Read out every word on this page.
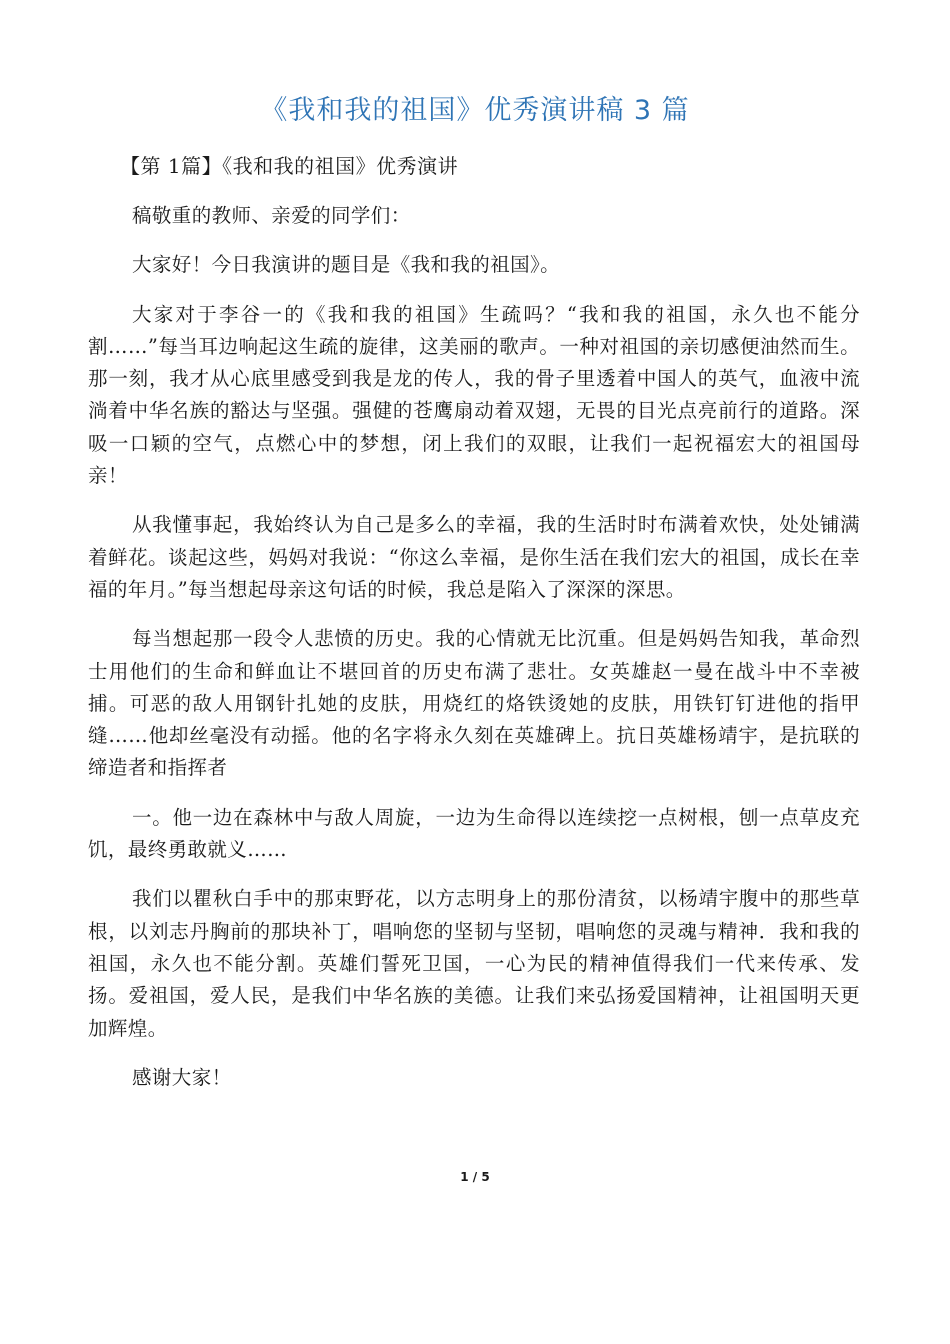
《我和我的祖国》优秀演讲稿 3 篇
【第 1篇】《我和我的祖国》优秀演讲

稿敬重的教师、亲爱的同学们：

大家好！今日我演讲的题目是《我和我的祖国》。

大家对于李谷一的《我和我的祖国》生疏吗？“我和我的祖国，永久也不能分割……”每当耳边响起这生疏的旋律，这美丽的歌声。一种对祖国的亲切感便油然而生。那一刻，我才从心底里感受到我是龙的传人，我的骨子里透着中国人的英气，血液中流淌着中华名族的豁达与坚强。强健的苍鹰扇动着双翅，无畏的目光点亮前行的道路。深吸一口颖的空气，点燃心中的梦想，闭上我们的双眼，让我们一起祝福宏大的祖国母亲！

从我懂事起，我始终认为自己是多么的幸福，我的生活时时布满着欢快，处处铺满着鲜花。谈起这些，妈妈对我说：“你这么幸福，是你生活在我们宏大的祖国，成长在幸福的年月。”每当想起母亲这句话的时候，我总是陷入了深深的深思。

每当想起那一段令人悲愤的历史。我的心情就无比沉重。但是妈妈告知我，革命烈士用他们的生命和鲜血让不堪回首的历史布满了悲壮。女英雄赵一曼在战斗中不幸被捕。可恶的敌人用钢针扎她的皮肤，用烧红的烙铁烫她的皮肤，用铁钉钉进他的指甲缝……他却丝毫没有动摇。他的名字将永久刻在英雄碑上。抗日英雄杨靖宇，是抗联的缔造者和指挥者

一。他一边在森林中与敌人周旋，一边为生命得以连续挖一点树根，刨一点草皮充饥，最终勇敢就义……

我们以瞿秋白手中的那束野花，以方志明身上的那份清贫，以杨靖宇腹中的那些草根，以刘志丹胸前的那块补丁，唱响您的坚韧与坚韧，唱响您的灵魂与精神．我和我的祖国，永久也不能分割。英雄们誓死卫国，一心为民的精神值得我们一代来传承、发扬。爱祖国，爱人民，是我们中华名族的美德。让我们来弘扬爱国精神，让祖国明天更加辉煌。

感谢大家！

1 / 5
